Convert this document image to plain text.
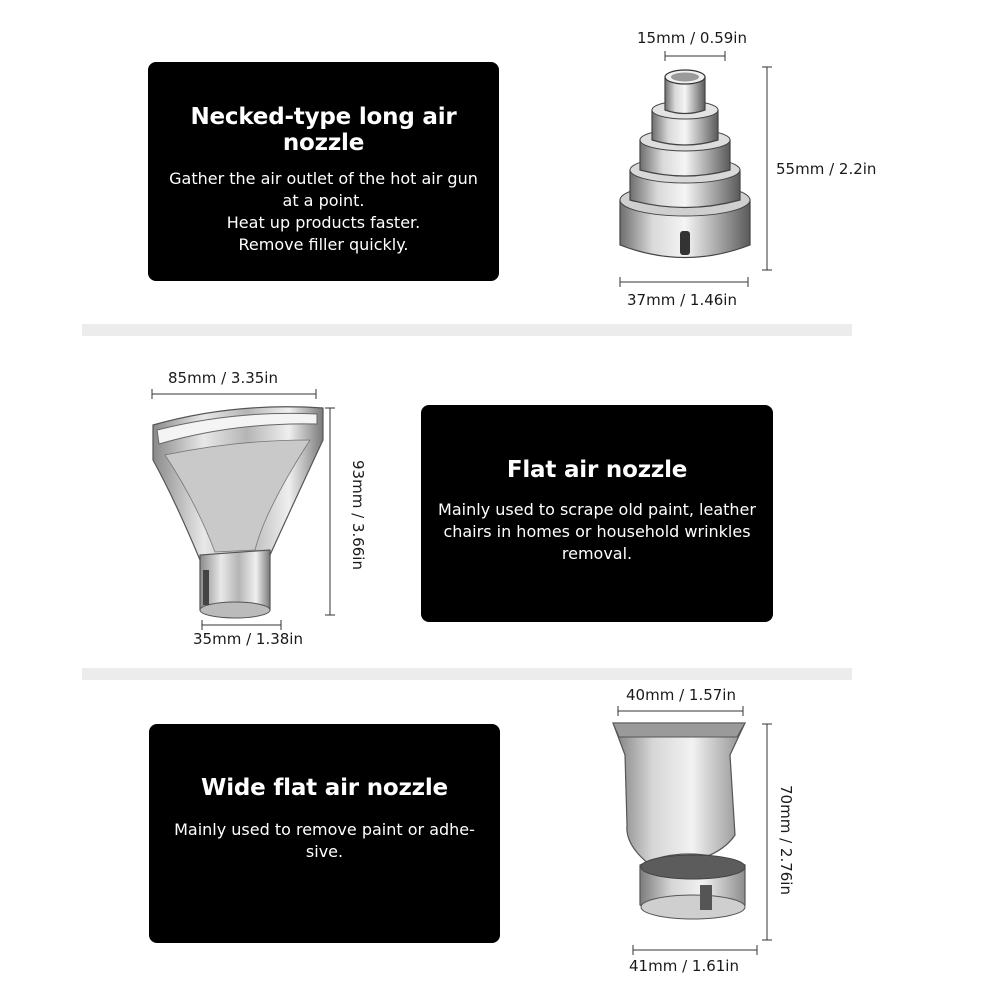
Necked-type long air nozzle
Gather the air outlet of the hot air gun
at a point.
Heat up products faster.
Remove filler quickly.
15mm / 0.59in
55mm / 2.2in
37mm / 1.46in
Flat air nozzle
Mainly used to scrape old paint, leather
chairs in homes or household wrinkles
removal.
85mm / 3.35in
93mm / 3.66in
35mm / 1.38in
Wide flat air nozzle
Mainly used to remove paint or adhe-
sive.
40mm / 1.57in
70mm / 2.76in
41mm / 1.61in
